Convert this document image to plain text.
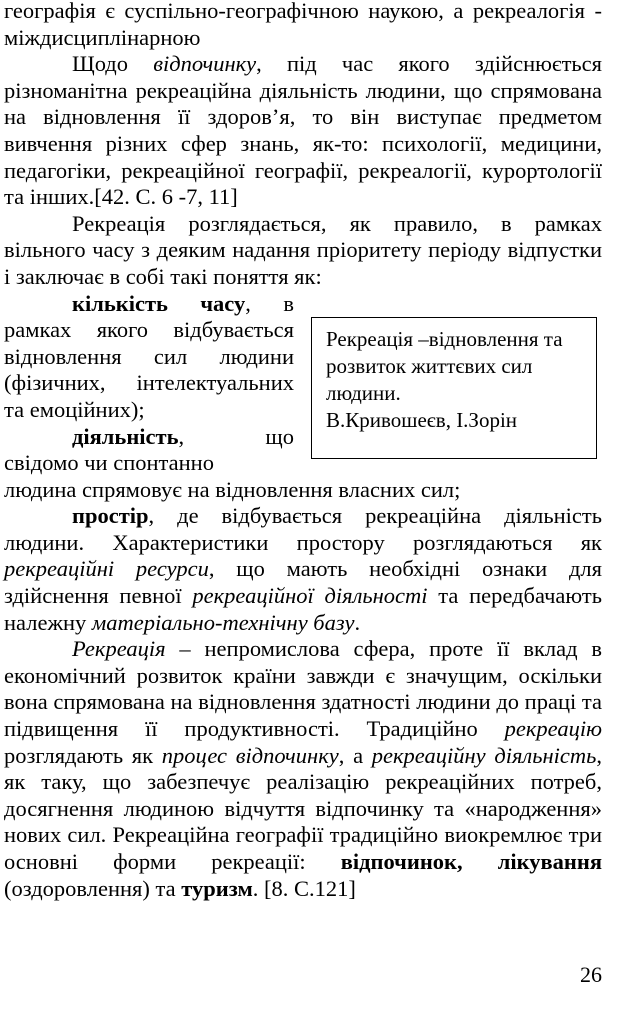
географія є суспільно-географічною наукою, а рекреалогія - міждисциплінарною

Щодо відпочинку, під час якого здійснюється різноманітна рекреаційна діяльність людини, що спрямована на відновлення її здоров’я, то він виступає предметом вивчення різних сфер знань, як-то: психології, медицини, педагогіки, рекреаційної географії, рекреалогії, курортології та інших.[42. С. 6 -7, 11]

Рекреація розглядається, як правило, в рамках вільного часу з деяким надання пріоритету періоду відпустки і заключає в собі такі поняття як:

кількість часу, в рамках якого відбувається відновлення сил людини (фізичних, інтелектуальних та емоційних);

діяльність, що свідомо чи спонтанно

людина спрямовує на відновлення власних сил;

простір, де відбувається рекреаційна діяльність людини. Характеристики простору розглядаються як рекреаційні ресурси, що мають необхідні ознаки для здійснення певної рекреаційної діяльності та передбачають належну матеріально-технічну базу.

Рекреація – непромислова сфера, проте її вклад в економічний розвиток країни завжди є значущим, оскільки вона спрямована на відновлення здатності людини до праці та підвищення її продуктивності. Традиційно рекреацію розглядають як процес відпочинку, а рекреаційну діяльність, як таку, що забезпечує реалізацію рекреаційних потреб, досягнення людиною відчуття відпочинку та «народження» нових сил. Рекреаційна географії традиційно виокремлює три основні форми рекреації: відпочинок, лікування (оздоровлення) та туризм. [8. С.121]

Рекреація –відновлення та розвиток життєвих сил людини.
В.Кривошеєв, І.Зорін
26
